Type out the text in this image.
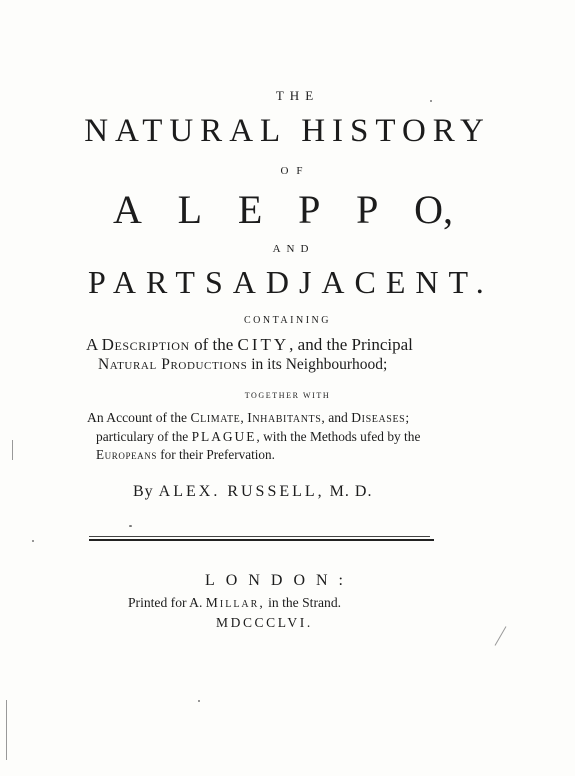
THE
NATURAL HISTORY
OF
A L E P P O,
AND
PARTS ADJACENT.
CONTAINING
A Description of the CITY, and the Principal
Natural Productions in its Neighbourhood;
TOGETHER WITH
An Account of the Climate, Inhabitants, and Diseases;
particulary of the PLAGUE, with the Methods ufed by the
Europeans for their Prefervation.
By ALEX. RUSSELL, M. D.
LONDON:
Printed for A. Millar, in the Strand.
MDCCCLVI.
